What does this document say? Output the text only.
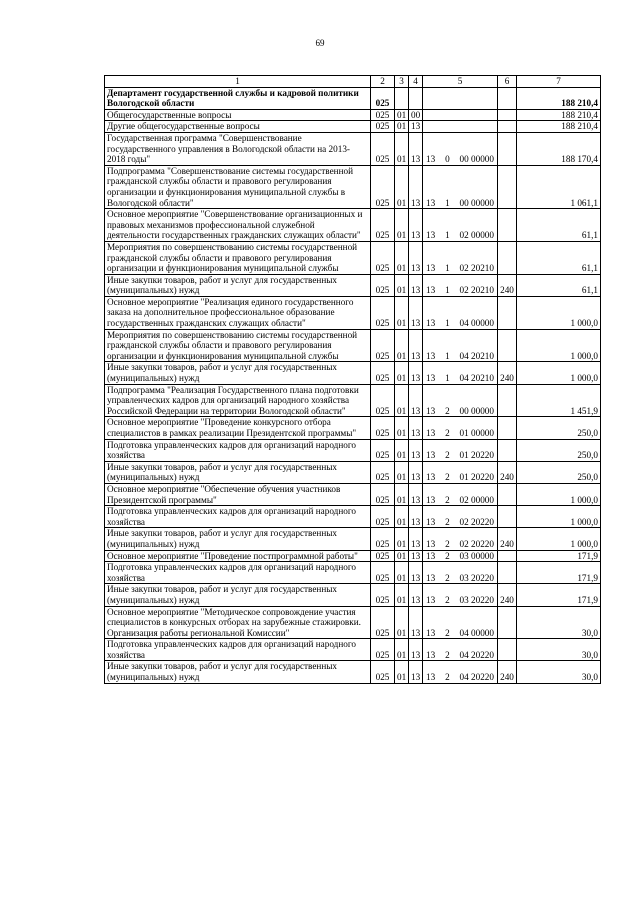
69
1	2	3	4	5	6	7
Департамент государственной службы и кадровой политики Вологодской области	025					188 210,4
Общегосударственные вопросы	025	01	00			188 210,4
Другие общегосударственные вопросы	025	01	13			188 210,4
Государственная программа "Совершенствование государственного управления в Вологодской области на 2013-2018 годы"	025	01	13	13 0 00 00000		188 170,4
Подпрограмма "Совершенствование системы государственной гражданской службы области и правового регулирования организации и функционирования муниципальной службы в Вологодской области"	025	01	13	13 1 00 00000		1 061,1
Основное мероприятие "Совершенствование организационных и правовых механизмов профессиональной служебной деятельности государственных гражданских служащих области"	025	01	13	13 1 02 00000		61,1
Мероприятия по совершенствованию системы государственной гражданской службы области и правового регулирования организации и функционирования муниципальной службы	025	01	13	13 1 02 20210		61,1
Иные закупки товаров, работ и услуг для государственных (муниципальных) нужд	025	01	13	13 1 02 20210	240	61,1
Основное мероприятие "Реализация единого государственного заказа на дополнительное профессиональное образование государственных гражданских служащих области"	025	01	13	13 1 04 00000		1 000,0
Мероприятия по совершенствованию системы государственной гражданской службы области и правового регулирования организации и функционирования муниципальной службы	025	01	13	13 1 04 20210		1 000,0
Иные закупки товаров, работ и услуг для государственных (муниципальных) нужд	025	01	13	13 1 04 20210	240	1 000,0
Подпрограмма "Реализация Государственного плана подготовки управленческих кадров для организаций народного хозяйства Российской Федерации на территории Вологодской области"	025	01	13	13 2 00 00000		1 451,9
Основное мероприятие "Проведение конкурсного отбора специалистов в рамках реализации Президентской программы"	025	01	13	13 2 01 00000		250,0
Подготовка управленческих кадров для организаций народного хозяйства	025	01	13	13 2 01 20220		250,0
Иные закупки товаров, работ и услуг для государственных (муниципальных) нужд	025	01	13	13 2 01 20220	240	250,0
Основное мероприятие "Обеспечение обучения участников Президентской программы"	025	01	13	13 2 02 00000		1 000,0
Подготовка управленческих кадров для организаций народного хозяйства	025	01	13	13 2 02 20220		1 000,0
Иные закупки товаров, работ и услуг для государственных (муниципальных) нужд	025	01	13	13 2 02 20220	240	1 000,0
Основное мероприятие "Проведение постпрограммной работы"	025	01	13	13 2 03 00000		171,9
Подготовка управленческих кадров для организаций народного хозяйства	025	01	13	13 2 03 20220		171,9
Иные закупки товаров, работ и услуг для государственных (муниципальных) нужд	025	01	13	13 2 03 20220	240	171,9
Основное мероприятие "Методическое сопровождение участия специалистов в конкурсных отборах на зарубежные стажировки. Организация работы региональной Комиссии"	025	01	13	13 2 04 00000		30,0
Подготовка управленческих кадров для организаций народного хозяйства	025	01	13	13 2 04 20220		30,0
Иные закупки товаров, работ и услуг для государственных (муниципальных) нужд	025	01	13	13 2 04 20220	240	30,0
